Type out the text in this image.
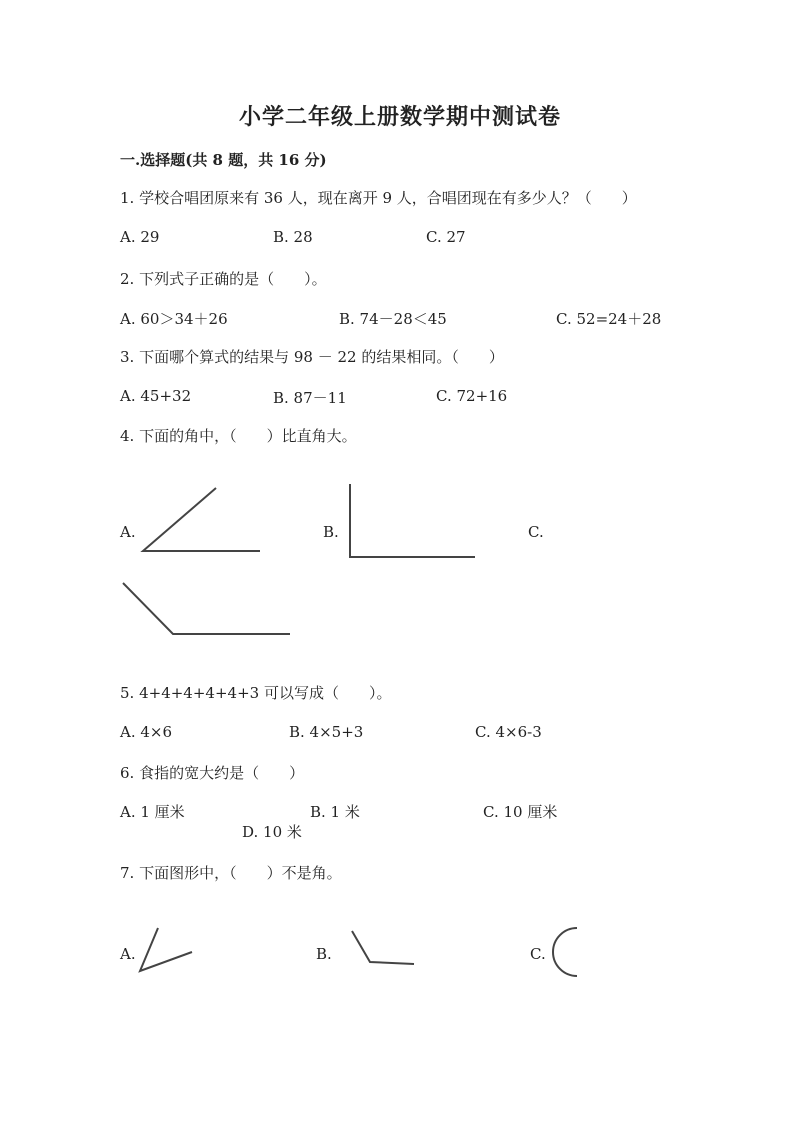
小学二年级上册数学期中测试卷
一.选择题(共 8 题，共 16 分)
1. 学校合唱团原来有 36 人，现在离开 9 人，合唱团现在有多少人？（　　）
A. 29	B. 28	C. 27
2. 下列式子正确的是（　　）。
A. 60＞34＋26	B. 74－28＜45	C. 52=24＋28
3. 下面哪个算式的结果与 98 － 22 的结果相同。（　　）
A. 45+32	B. 87－11	C. 72+16
4. 下面的角中，（　　）比直角大。
A.	B.	C.
5. 4+4+4+4+4+3 可以写成（　　）。
A. 4×6	B. 4×5+3	C. 4×6-3
6. 食指的宽大约是（　　）
A. 1 厘米	B. 1 米	C. 10 厘米
D. 10 米
7. 下面图形中，（　　）不是角。
A.	B.	C.
